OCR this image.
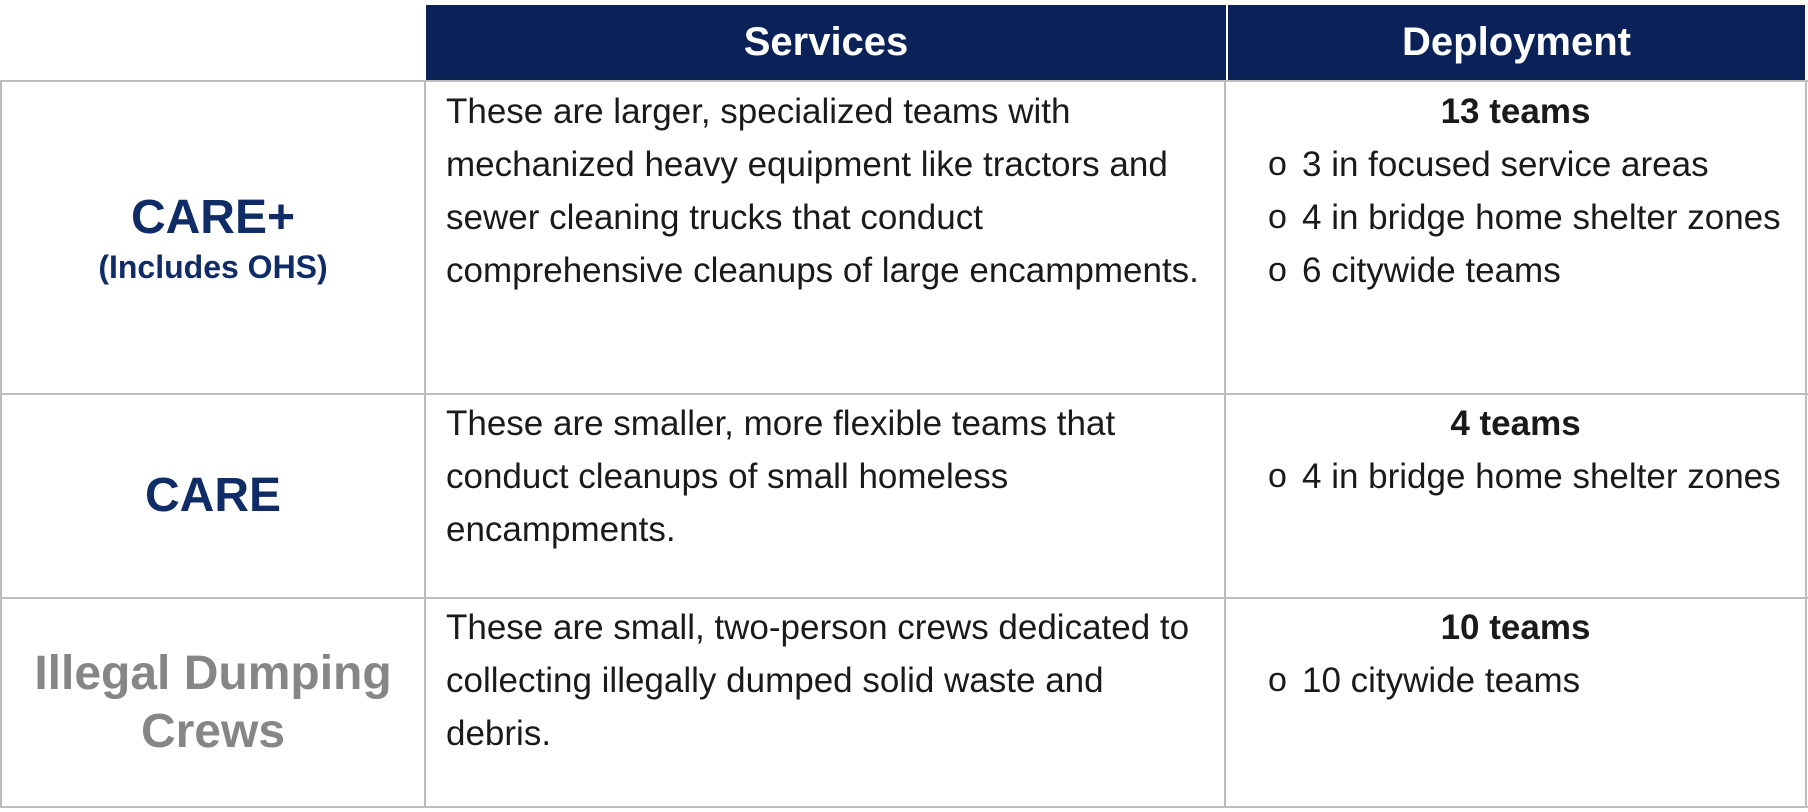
Services	Deployment
CARE+
(Includes OHS)

These are larger, specialized teams with mechanized heavy equipment like tractors and sewer cleaning trucks that conduct comprehensive cleanups of large encampments.

13 teams
o 3 in focused service areas
o 4 in bridge home shelter zones
o 6 citywide teams
CARE

These are smaller, more flexible teams that conduct cleanups of small homeless encampments.

4 teams
o 4 in bridge home shelter zones
Illegal Dumping Crews

These are small, two-person crews dedicated to collecting illegally dumped solid waste and debris.

10 teams
o 10 citywide teams
